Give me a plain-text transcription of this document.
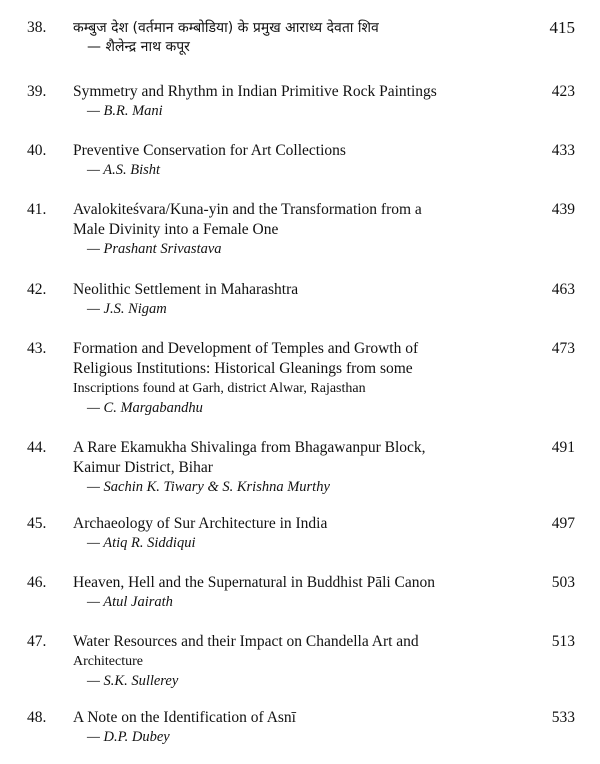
38. कम्बुज देश (वर्तमान कम्बोडिया) के प्रमुख आराध्य देवता शिव
— शैलेन्द्र नाथ कपूर
415
39. Symmetry and Rhythm in Indian Primitive Rock Paintings
— B.R. Mani
423
40. Preventive Conservation for Art Collections
— A.S. Bisht
433
41. Avalokiteśvara/Kuna-yin and the Transformation from a
Male Divinity into a Female One
— Prashant Srivastava
439
42. Neolithic Settlement in Maharashtra
— J.S. Nigam
463
43. Formation and Development of Temples and Growth of
Religious Institutions: Historical Gleanings from some
Inscriptions found at Garh, district Alwar, Rajasthan
— C. Margabandhu
473
44. A Rare Ekamukha Shivalinga from Bhagawanpur Block,
Kaimur District, Bihar
— Sachin K. Tiwary & S. Krishna Murthy
491
45. Archaeology of Sur Architecture in India
— Atiq R. Siddiqui
497
46. Heaven, Hell and the Supernatural in Buddhist Pāli Canon
— Atul Jairath
503
47. Water Resources and their Impact on Chandella Art and
Architecture
— S.K. Sullerey
513
48. A Note on the Identification of Asnī
— D.P. Dubey
533
